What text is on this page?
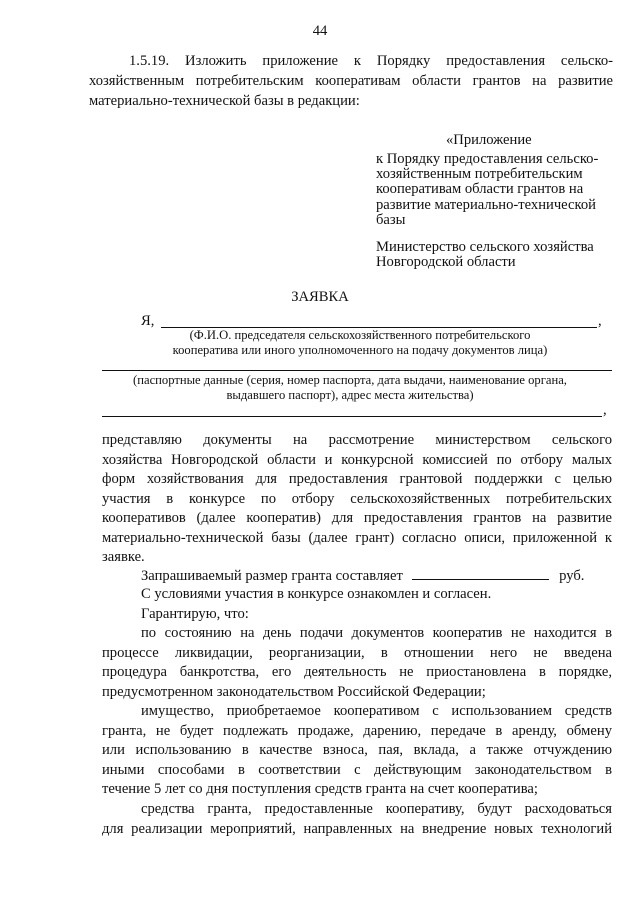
44
1.5.19. Изложить приложение к Порядку предоставления сельско-
хозяйственным потребительским кооперативам области грантов на развитие
материально-технической базы в редакции:
«Приложение
к Порядку предоставления сельско-
хозяйственным потребительским
кооперативам области грантов на
развитие материально-технической
базы
Министерство сельского хозяйства
Новгородской области
ЗАЯВКА
Я,	,
(Ф.И.О. председателя сельскохозяйственного потребительского
кооператива или иного уполномоченного на подачу документов лица)
(паспортные данные (серия, номер паспорта, дата выдачи, наименование органа,
выдавшего паспорт), адрес места жительства)
,
представляю документы на рассмотрение министерством сельского
хозяйства Новгородской области и конкурсной комиссией по отбору малых
форм хозяйствования для предоставления грантовой поддержки с целью
участия в конкурсе по отбору сельскохозяйственных потребительских
кооперативов (далее кооператив) для предоставления грантов на развитие
материально-технической базы (далее грант) согласно описи, приложенной к
заявке.
Запрашиваемый размер гранта составляет	руб.
С условиями участия в конкурсе ознакомлен и согласен.
Гарантирую, что:
по состоянию на день подачи документов кооператив не находится в
процессе ликвидации, реорганизации, в отношении него не введена
процедура банкротства, его деятельность не приостановлена в порядке,
предусмотренном законодательством Российской Федерации;
имущество, приобретаемое кооперативом с использованием средств
гранта, не будет подлежать продаже, дарению, передаче в аренду, обмену
или использованию в качестве взноса, пая, вклада, а также отчуждению
иными способами в соответствии с действующим законодательством в
течение 5 лет со дня поступления средств гранта на счет кооператива;
средства гранта, предоставленные кооперативу, будут расходоваться
для реализации мероприятий, направленных на внедрение новых технологий
